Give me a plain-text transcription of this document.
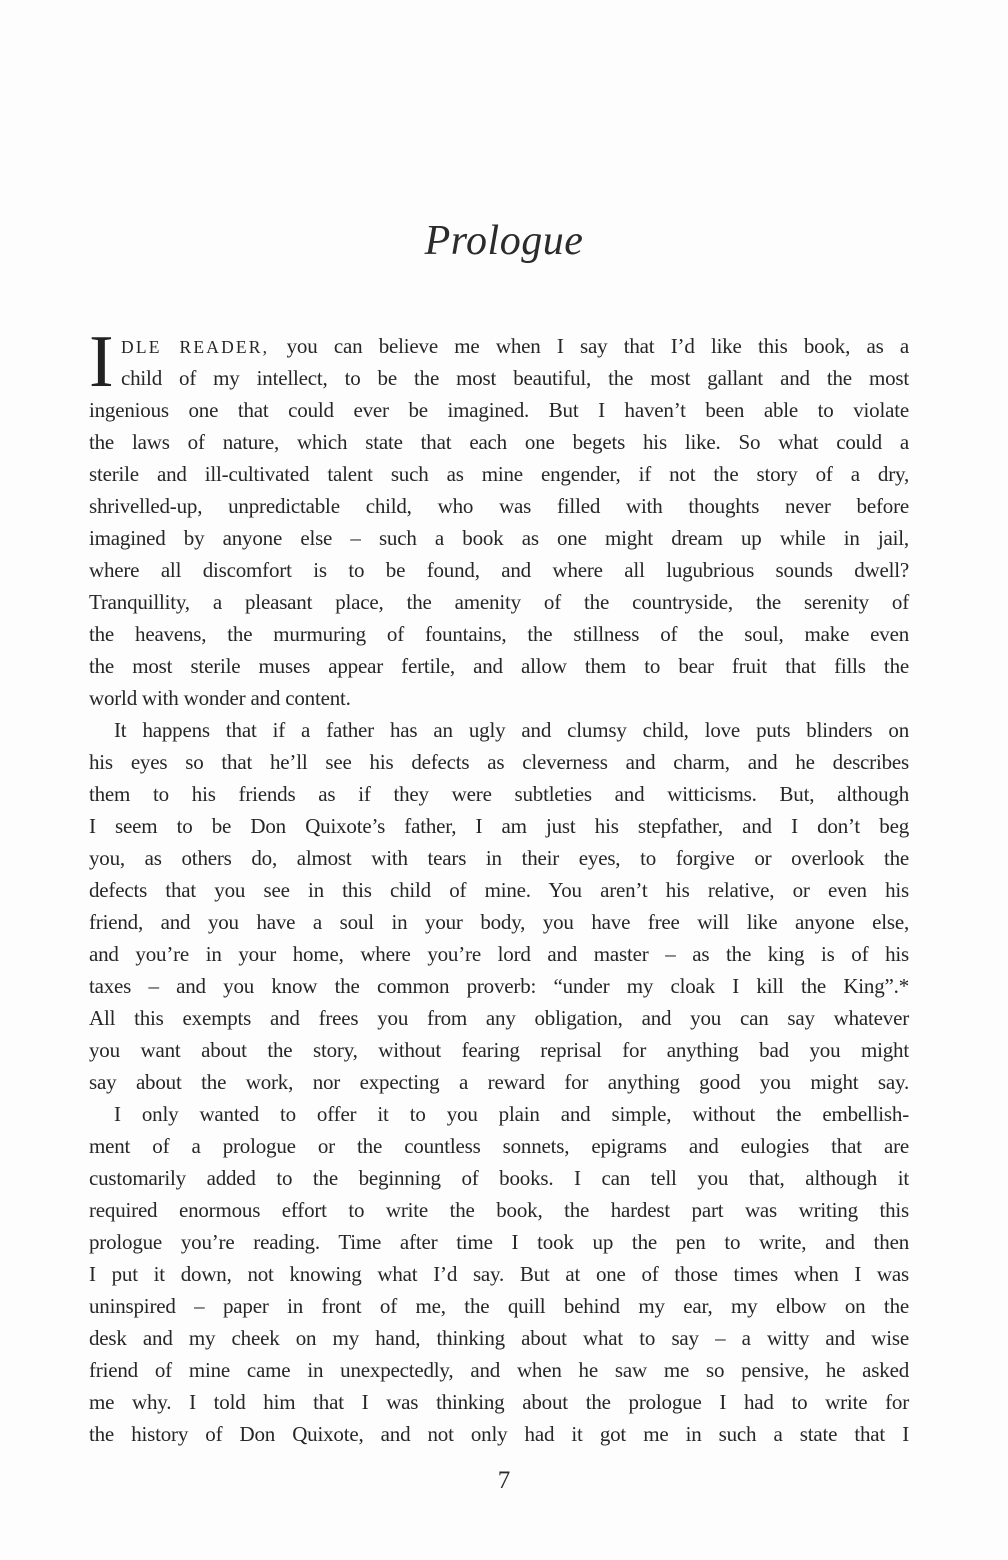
Prologue
I DLE READER, you can believe me when I say that I’d like this book, as a
child of my intellect, to be the most beautiful, the most gallant and the most
ingenious one that could ever be imagined. But I haven’t been able to violate
the laws of nature, which state that each one begets his like. So what could a
sterile and ill-cultivated talent such as mine engender, if not the story of a dry,
shrivelled-up, unpredictable child, who was filled with thoughts never before
imagined by anyone else – such a book as one might dream up while in jail,
where all discomfort is to be found, and where all lugubrious sounds dwell?
Tranquillity, a pleasant place, the amenity of the countryside, the serenity of
the heavens, the murmuring of fountains, the stillness of the soul, make even
the most sterile muses appear fertile, and allow them to bear fruit that fills the
world with wonder and content.
It happens that if a father has an ugly and clumsy child, love puts blinders on
his eyes so that he’ll see his defects as cleverness and charm, and he describes
them to his friends as if they were subtleties and witticisms. But, although
I seem to be Don Quixote’s father, I am just his stepfather, and I don’t beg
you, as others do, almost with tears in their eyes, to forgive or overlook the
defects that you see in this child of mine. You aren’t his relative, or even his
friend, and you have a soul in your body, you have free will like anyone else,
and you’re in your home, where you’re lord and master – as the king is of his
taxes – and you know the common proverb: “under my cloak I kill the King”.*
All this exempts and frees you from any obligation, and you can say whatever
you want about the story, without fearing reprisal for anything bad you might
say about the work, nor expecting a reward for anything good you might say.
I only wanted to offer it to you plain and simple, without the embellish-
ment of a prologue or the countless sonnets, epigrams and eulogies that are
customarily added to the beginning of books. I can tell you that, although it
required enormous effort to write the book, the hardest part was writing this
prologue you’re reading. Time after time I took up the pen to write, and then
I put it down, not knowing what I’d say. But at one of those times when I was
uninspired – paper in front of me, the quill behind my ear, my elbow on the
desk and my cheek on my hand, thinking about what to say – a witty and wise
friend of mine came in unexpectedly, and when he saw me so pensive, he asked
me why. I told him that I was thinking about the prologue I had to write for
the history of Don Quixote, and not only had it got me in such a state that I
7
